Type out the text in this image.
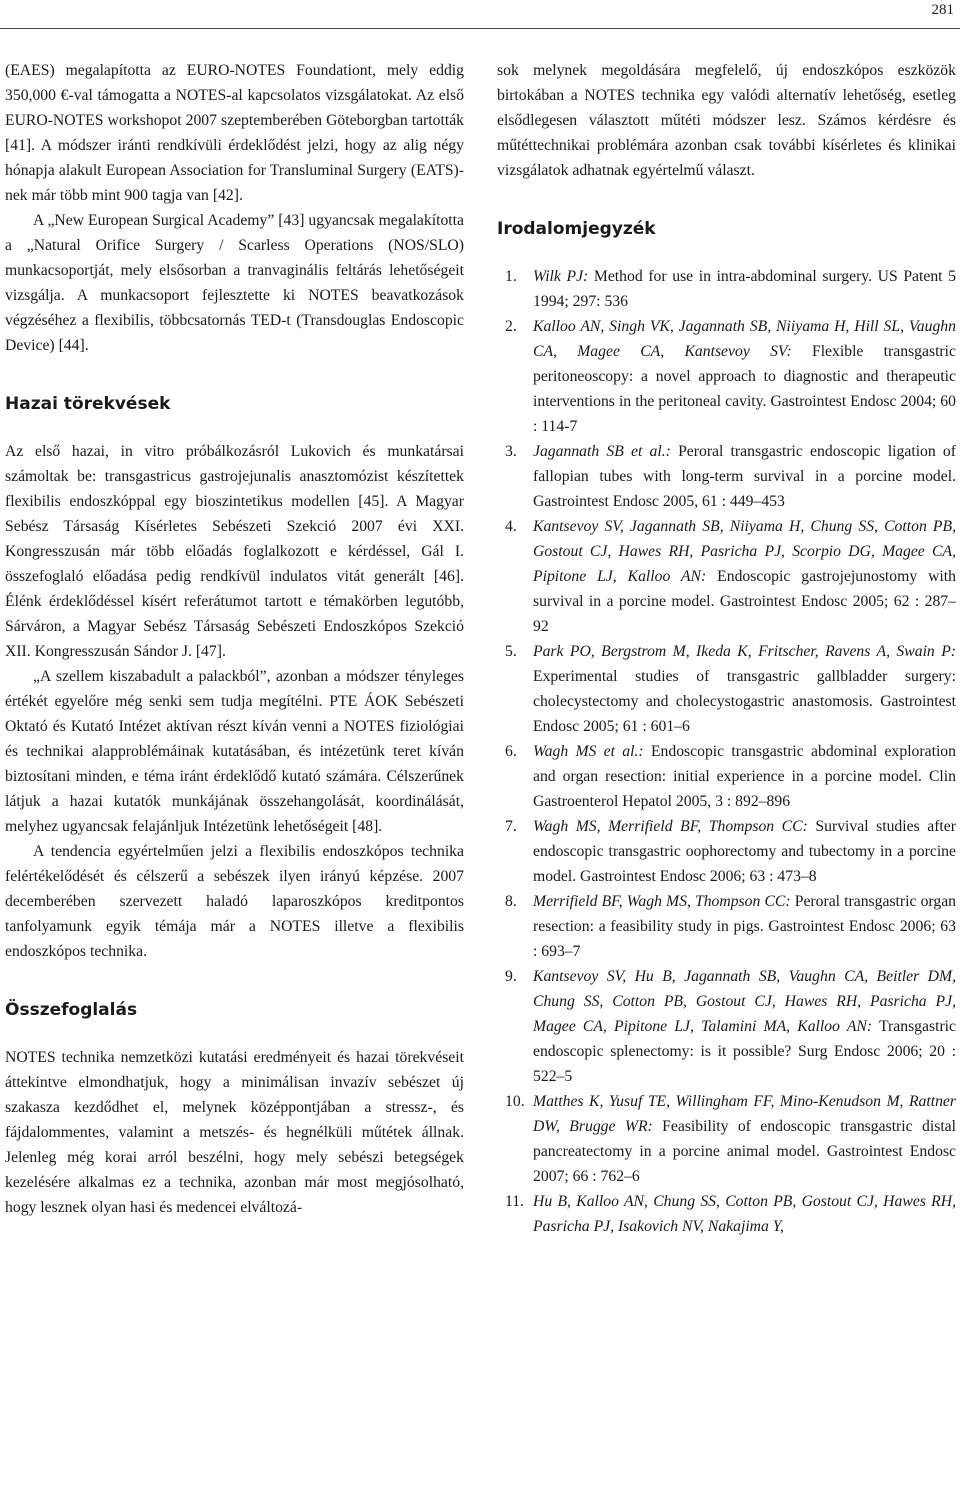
281

(EAES) megalapította az EURO-NOTES Foundationt, mely eddig 350,000 €-val támogatta a NOTES-al kapcsolatos vizsgálatokat. Az első EURO-NOTES workshopot 2007 szeptemberében Göteborgban tartották [41]. A módszer iránti rendkívüli érdeklődést jelzi, hogy az alig négy hónapja alakult European Association for Transluminal Surgery (EATS)-nek már több mint 900 tagja van [42].

A „New European Surgical Academy” [43] ugyancsak megalakította a „Natural Orifice Surgery / Scarless Operations (NOS/SLO) munkacsoportját, mely elsősorban a tranvaginális feltárás lehetőségeit vizsgálja. A munkacsoport fejlesztette ki NOTES beavatkozások végzéséhez a flexibilis, többcsatornás TED-t (Transdouglas Endoscopic Device) [44].

Hazai törekvések

Az első hazai, in vitro próbálkozásról Lukovich és munkatársai számoltak be: transgastricus gastrojejunalis anasztomózist készítettek flexibilis endoszkóppal egy bioszintetikus modellen [45]. A Magyar Sebész Társaság Kísérletes Sebészeti Szekció 2007 évi XXI. Kongresszusán már több előadás foglalkozott e kérdéssel, Gál I. összefoglaló előadása pedig rendkívül indulatos vitát generált [46]. Élénk érdeklődéssel kísért referátumot tartott e témakörben legutóbb, Sárváron, a Magyar Sebész Társaság Sebészeti Endoszkópos Szekció XII. Kongresszusán Sándor J. [47].

„A szellem kiszabadult a palackból”, azonban a módszer tényleges értékét egyelőre még senki sem tudja megítélni. PTE ÁOK Sebészeti Oktató és Kutató Intézet aktívan részt kíván venni a NOTES fiziológiai és technikai alapproblémáinak kutatásában, és intézetünk teret kíván biztosítani minden, e téma iránt érdeklődő kutató számára. Célszerűnek látjuk a hazai kutatók munkájának összehangolását, koordinálását, melyhez ugyancsak felajánljuk Intézetünk lehetőségeit [48].

A tendencia egyértelműen jelzi a flexibilis endoszkópos technika felértékelődését és célszerű a sebészek ilyen irányú képzése. 2007 decemberében szervezett haladó laparoszkópos kreditpontos tanfolyamunk egyik témája már a NOTES illetve a flexibilis endoszkópos technika.

Összefoglalás

NOTES technika nemzetközi kutatási eredményeit és hazai törekvéseit áttekintve elmondhatjuk, hogy a minimálisan invazív sebészet új szakasza kezdődhet el, melynek középpontjában a stressz-, és fájdalommentes, valamint a metszés- és hegnélküli műtétek állnak. Jelenleg még korai arról beszélni, hogy mely sebészi betegségek kezelésére alkalmas ez a technika, azonban már most megjósolható, hogy lesznek olyan hasi és medencei elváltozá-

sok melynek megoldására megfelelő, új endoszkópos eszközök birtokában a NOTES technika egy valódi alternatív lehetőség, esetleg elsődlegesen választott műtéti módszer lesz. Számos kérdésre és műtéttechnikai problémára azonban csak további kísérletes és klinikai vizsgálatok adhatnak egyértelmű választ.

Irodalomjegyzék
1.	Wilk PJ: Method for use in intra-abdominal surgery. US Patent 5 1994; 297: 536
2.	Kalloo AN, Singh VK, Jagannath SB, Niiyama H, Hill SL, Vaughn CA, Magee CA, Kantsevoy SV: Flexible transgastric peritoneoscopy: a novel approach to diagnostic and therapeutic interventions in the peritoneal cavity. Gastrointest Endosc 2004; 60 : 114-7
3.	Jagannath SB et al.: Peroral transgastric endoscopic ligation of fallopian tubes with long-term survival in a porcine model. Gastrointest Endosc 2005, 61 : 449–453
4.	Kantsevoy SV, Jagannath SB, Niiyama H, Chung SS, Cotton PB, Gostout CJ, Hawes RH, Pasricha PJ, Scorpio DG, Magee CA, Pipitone LJ, Kalloo AN: Endoscopic gastrojejunostomy with survival in a porcine model. Gastrointest Endosc 2005; 62 : 287–92
5.	Park PO, Bergstrom M, Ikeda K, Fritscher, Ravens A, Swain P: Experimental studies of transgastric gallbladder surgery: cholecystectomy and cholecystogastric anastomosis. Gastrointest Endosc 2005; 61 : 601–6
6.	Wagh MS et al.: Endoscopic transgastric abdominal exploration and organ resection: initial experience in a porcine model. Clin Gastroenterol Hepatol 2005, 3 : 892–896
7.	Wagh MS, Merrifield BF, Thompson CC: Survival studies after endoscopic transgastric oophorectomy and tubectomy in a porcine model. Gastrointest Endosc 2006; 63 : 473–8
8.	Merrifield BF, Wagh MS, Thompson CC: Peroral transgastric organ resection: a feasibility study in pigs. Gastrointest Endosc 2006; 63 : 693–7
9.	Kantsevoy SV, Hu B, Jagannath SB, Vaughn CA, Beitler DM, Chung SS, Cotton PB, Gostout CJ, Hawes RH, Pasricha PJ, Magee CA, Pipitone LJ, Talamini MA, Kalloo AN: Transgastric endoscopic splenectomy: is it possible? Surg Endosc 2006; 20 : 522–5
10. Matthes K, Yusuf TE, Willingham FF, Mino-Kenudson M, Rattner DW, Brugge WR: Feasibility of endoscopic transgastric distal pancreatectomy in a porcine animal model. Gastrointest Endosc 2007; 66 : 762–6
11. Hu B, Kalloo AN, Chung SS, Cotton PB, Gostout CJ, Hawes RH, Pasricha PJ, Isakovich NV, Nakajima Y,
